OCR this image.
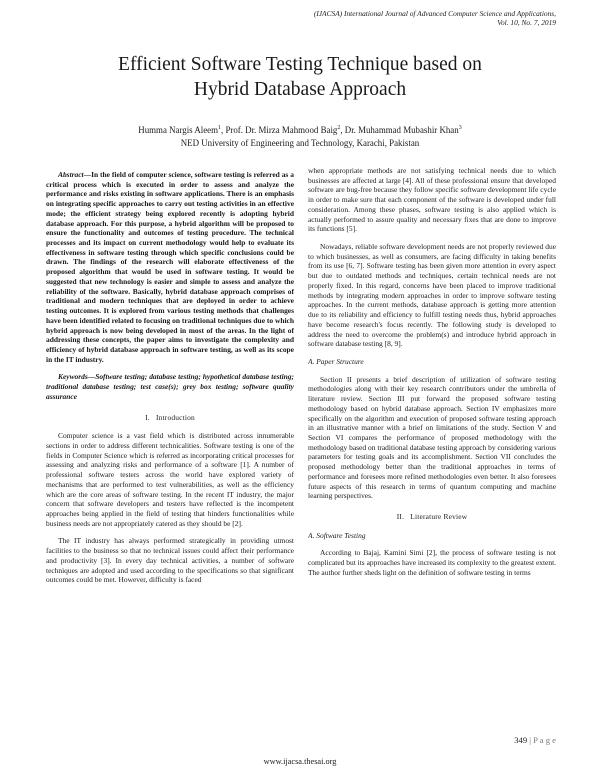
(IJACSA) International Journal of Advanced Computer Science and Applications,
Vol. 10, No. 7, 2019
Efficient Software Testing Technique based on
Hybrid Database Approach
Humma Nargis Aleem$^1$, Prof. Dr. Mirza Mahmood Baig$^2$, Dr. Muhammad Mubashir Khan$^3$
NED University of Engineering and Technology, Karachi, Pakistan

Abstract—In the field of computer science, software testing is referred as a critical process which is executed in order to assess and analyze the performance and risks existing in software applications. There is an emphasis on integrating specific approaches to carry out testing activities in an effective mode; the efficient strategy being explored recently is adopting hybrid database approach. For this purpose, a hybrid algorithm will be proposed to ensure the functionality and outcomes of testing procedure. The technical processes and its impact on current methodology would help to evaluate its effectiveness in software testing through which specific conclusions could be drawn. The findings of the research will elaborate effectiveness of the proposed algorithm that would be used in software testing. It would be suggested that new technology is easier and simple to assess and analyze the reliability of the software. Basically, hybrid database approach comprises of traditional and modern techniques that are deployed in order to achieve testing outcomes. It is explored from various testing methods that challenges have been identified related to focusing on traditional techniques due to which hybrid approach is now being developed in most of the areas. In the light of addressing these concepts, the paper aims to investigate the complexity and efficiency of hybrid database approach in software testing, as well as its scope in the IT industry.

Keywords—Software testing; database testing; hypothetical database testing; traditional database testing; test case(s); grey box testing; software quality assurance

I. Introduction

Computer science is a vast field which is distributed across innumerable sections in order to address different technicalities. Software testing is one of the fields in Computer Science which is referred as incorporating critical processes for assessing and analyzing risks and performance of a software [1]. A number of professional software testers across the world have explored variety of mechanisms that are performed to test vulnerabilities, as well as the efficiency which are the core areas of software testing. In the recent IT industry, the major concern that software developers and testers have reflected is the incompetent approaches being applied in the field of testing that hinders functionalities while business needs are not appropriately catered as they should be [2].

The IT industry has always performed strategically in providing utmost facilities to the business so that no technical issues could affect their performance and productivity [3]. In every day technical activities, a number of software techniques are adopted and used according to the specifications so that significant outcomes could be met. However, difficulty is faced

when appropriate methods are not satisfying technical needs due to which businesses are affected at large [4]. All of these professional ensure that developed software are bug-free because they follow specific software development life cycle in order to make sure that each component of the software is developed under full consideration. Among these phases, software testing is also applied which is actually performed to assure quality and necessary fixes that are done to improve its functions [5].

Nowadays, reliable software development needs are not properly reviewed due to which businesses, as well as consumers, are facing difficulty in taking benefits from its use [6, 7]. Software testing has been given more attention in every aspect but due to outdated methods and techniques, certain technical needs are not properly fixed. In this regard, concerns have been placed to improve traditional methods by integrating modern approaches in order to improve software testing approaches. In the current methods, database approach is getting more attention due to its reliability and efficiency to fulfill testing needs thus, hybrid approaches have become research's focus recently. The following study is developed to address the need to overcome the problem(s) and introduce hybrid approach in software database testing [8, 9].

A. Paper Structure

Section II presents a brief description of utilization of software testing methodologies along with their key research contributors under the umbrella of literature review. Section III put forward the proposed software testing methodology based on hybrid database approach. Section IV emphasizes more specifically on the algorithm and execution of proposed software testing approach in an illustrative manner with a brief on limitations of the study. Section V and Section VI compares the performance of proposed methodology with the methodology based on traditional database testing approach by considering various parameters for testing goals and its accomplishment. Section VII concludes the proposed methodology better than the traditional approaches in terms of performance and foresees more refined methodologies even better. It also foresees future aspects of this research in terms of quantum computing and machine learning perspectives.

II. Literature Review

A. Software Testing

According to Bajaj, Kamini Simi [2], the process of software testing is not complicated but its approaches have increased its complexity to the greatest extent. The author further sheds light on the definition of software testing in terms

349 | P a g e
www.ijacsa.thesai.org
